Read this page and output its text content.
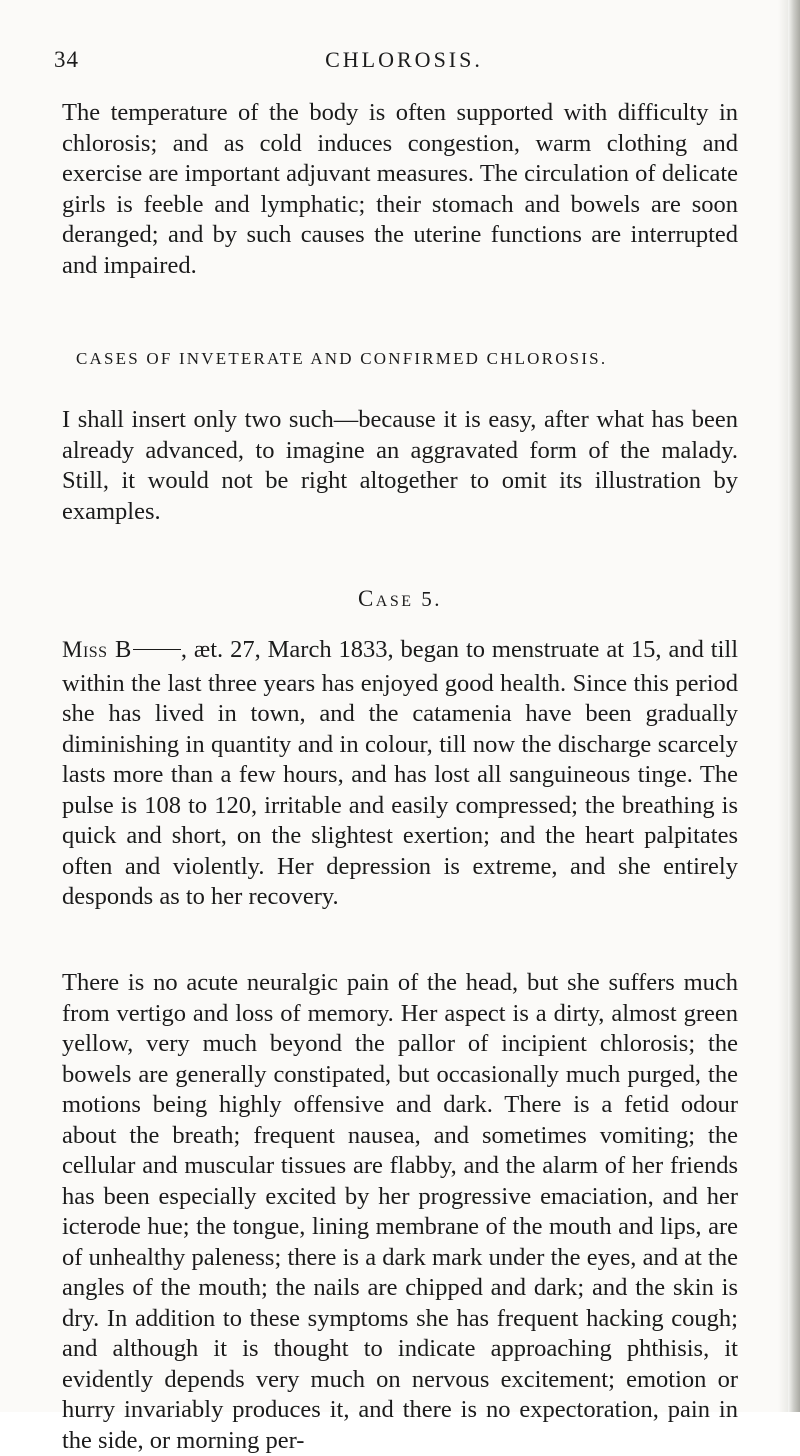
34	CHLOROSIS.

The temperature of the body is often supported with difficulty in chlorosis; and as cold induces congestion, warm clothing and exercise are important adjuvant measures. The circulation of delicate girls is feeble and lymphatic; their stomach and bowels are soon deranged; and by such causes the uterine functions are interrupted and impaired.

CASES OF INVETERATE AND CONFIRMED CHLOROSIS.

I shall insert only two such—because it is easy, after what has been already advanced, to imagine an aggravated form of the malady. Still, it would not be right altogether to omit its illustration by examples.

CASE 5.

MISS B , æt. 27, March 1833, began to menstruate at 15, and till within the last three years has enjoyed good health. Since this period she has lived in town, and the catamenia have been gradually diminishing in quantity and in colour, till now the discharge scarcely lasts more than a few hours, and has lost all sanguineous tinge. The pulse is 108 to 120, irritable and easily compressed; the breathing is quick and short, on the slightest exertion; and the heart palpitates often and violently. Her depression is extreme, and she entirely desponds as to her recovery.

There is no acute neuralgic pain of the head, but she suffers much from vertigo and loss of memory. Her aspect is a dirty, almost green yellow, very much beyond the pallor of incipient chlorosis; the bowels are generally constipated, but occasionally much purged, the motions being highly offensive and dark. There is a fetid odour about the breath; frequent nausea, and sometimes vomiting; the cellular and muscular tissues are flabby, and the alarm of her friends has been especially excited by her progressive emaciation, and her icterode hue; the tongue, lining membrane of the mouth and lips, are of unhealthy paleness; there is a dark mark under the eyes, and at the angles of the mouth; the nails are chipped and dark; and the skin is dry. In addition to these symptoms she has frequent hacking cough; and although it is thought to indicate approaching phthisis, it evidently depends very much on nervous excitement; emotion or hurry invariably produces it, and there is no expectoration, pain in the side, or morning per-
